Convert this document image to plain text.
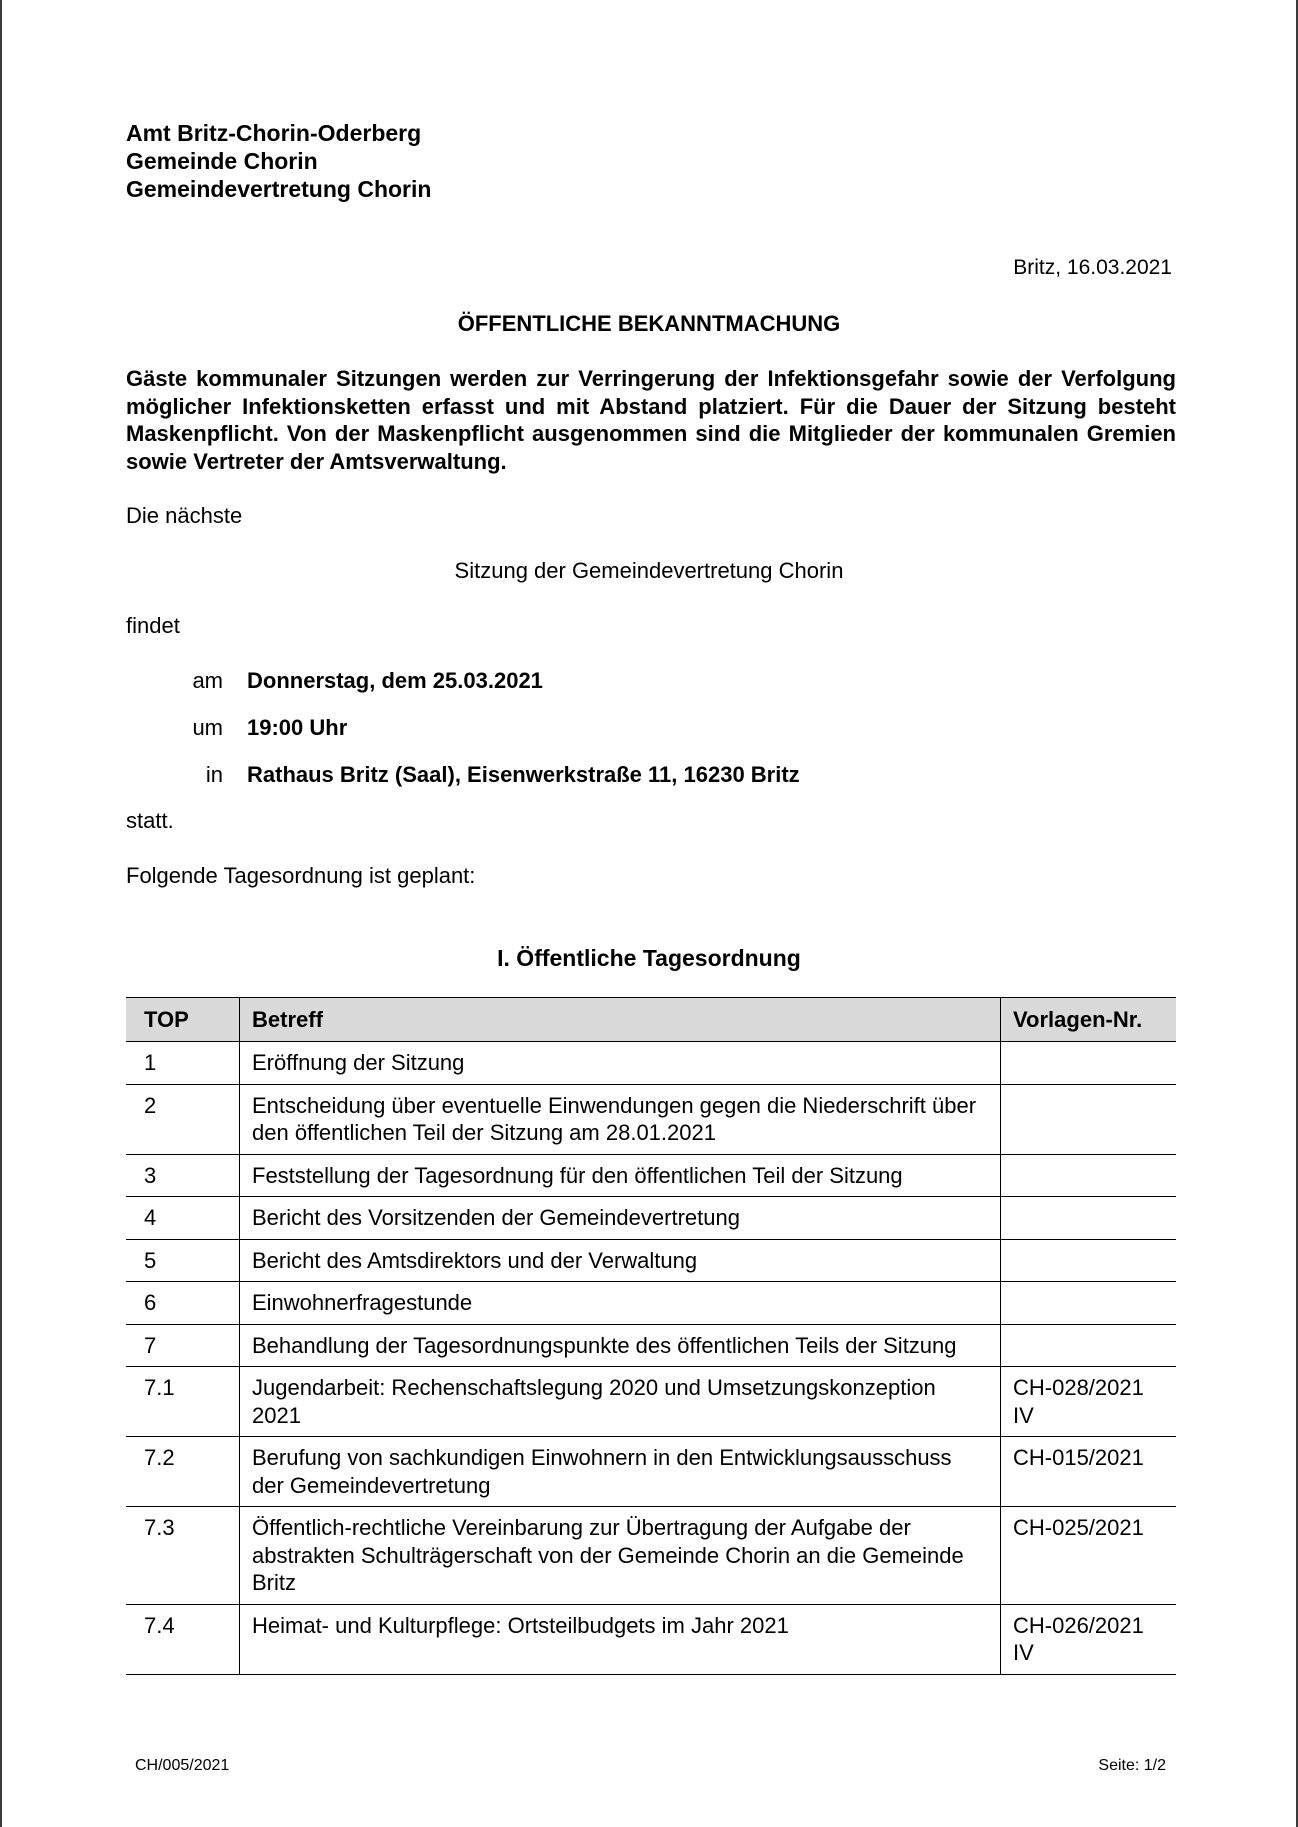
Amt Britz-Chorin-Oderberg
Gemeinde Chorin
Gemeindevertretung Chorin
Britz, 16.03.2021
ÖFFENTLICHE BEKANNTMACHUNG
Gäste kommunaler Sitzungen werden zur Verringerung der Infektionsgefahr sowie der Verfolgung möglicher Infektionsketten erfasst und mit Abstand platziert. Für die Dauer der Sitzung besteht Maskenpflicht. Von der Maskenpflicht ausgenommen sind die Mitglieder der kommunalen Gremien sowie Vertreter der Amtsverwaltung.
Die nächste
Sitzung der Gemeindevertretung Chorin
findet
am Donnerstag, dem 25.03.2021
um 19:00 Uhr
in Rathaus Britz (Saal), Eisenwerkstraße 11, 16230 Britz
statt.
Folgende Tagesordnung ist geplant:
I. Öffentliche Tagesordnung
TOP	Betreff	Vorlagen-Nr.
1	Eröffnung der Sitzung	
2	Entscheidung über eventuelle Einwendungen gegen die Niederschrift über den öffentlichen Teil der Sitzung am 28.01.2021	
3	Feststellung der Tagesordnung für den öffentlichen Teil der Sitzung	
4	Bericht des Vorsitzenden der Gemeindevertretung	
5	Bericht des Amtsdirektors und der Verwaltung	
6	Einwohnerfragestunde	
7	Behandlung der Tagesordnungspunkte des öffentlichen Teils der Sitzung	
7.1	Jugendarbeit: Rechenschaftslegung 2020 und Umsetzungskonzeption 2021	CH-028/2021 IV
7.2	Berufung von sachkundigen Einwohnern in den Entwicklungsausschuss der Gemeindevertretung	CH-015/2021
7.3	Öffentlich-rechtliche Vereinbarung zur Übertragung der Aufgabe der abstrakten Schulträgerschaft von der Gemeinde Chorin an die Gemeinde Britz	CH-025/2021
7.4	Heimat- und Kulturpflege: Ortsteilbudgets im Jahr 2021	CH-026/2021 IV
CH/005/2021	Seite: 1/2
